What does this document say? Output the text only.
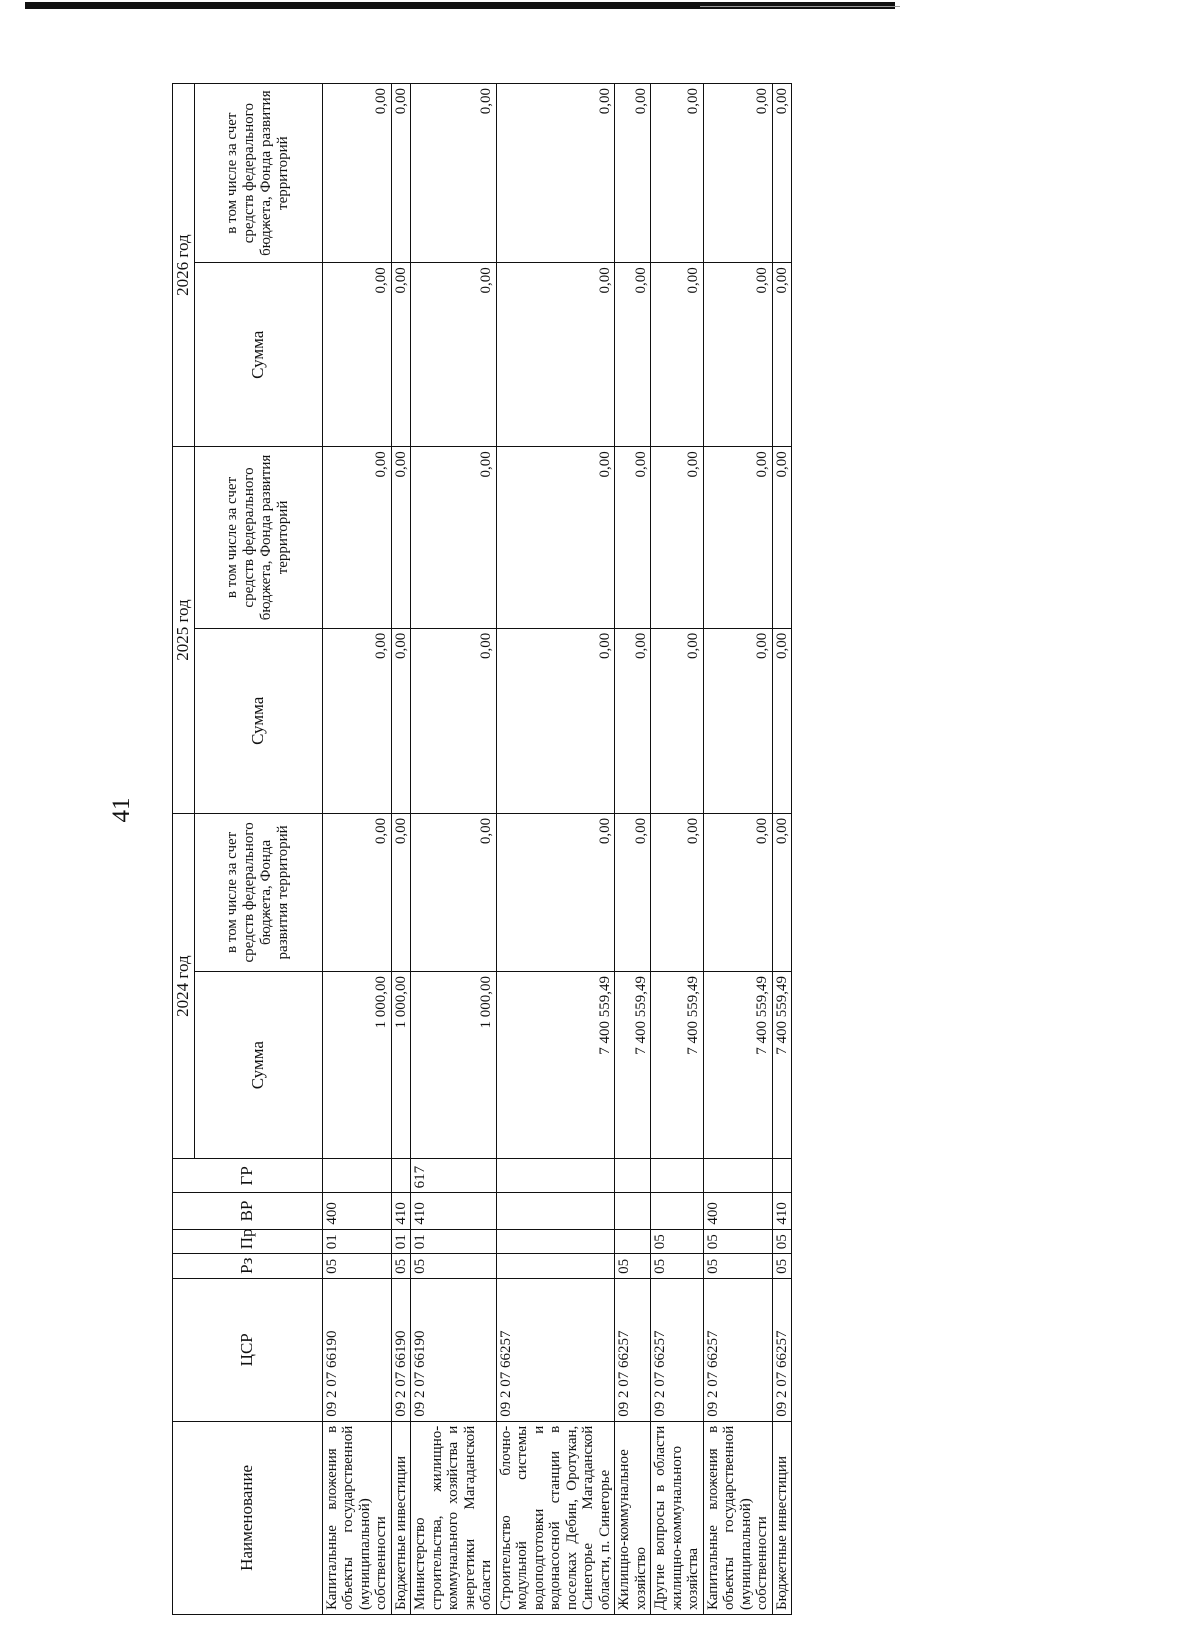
41
Наименование	ЦСР	Рз	Пр	ВР	ГР	2024 год		2025 год		2026 год	
						Сумма	в том числе за счет средств федерального бюджета, Фонда развития территорий	Сумма	в том числе за счет средств федерального бюджета, Фонда развития территорий	Сумма	в том числе за счет средств федерального бюджета, Фонда развития территорий
Капитальные вложения в объекты государственной (муниципальной) собственности	09 2 07 66190	05	01	400		1 000,00	0,00	0,00	0,00	0,00	0,00
Бюджетные инвестиции	09 2 07 66190	05	01	410		1 000,00	0,00	0,00	0,00	0,00	0,00
Министерство строительства, жилищно-коммунального хозяйства и энергетики Магаданской области	09 2 07 66190	05	01	410	617	1 000,00	0,00	0,00	0,00	0,00	0,00
Строительство блочно-модульной системы водоподготовки и водонасосной станции в поселках Дебин, Оротукан, Синегорье Магаданской области, п. Синегорье	09 2 07 66257					7 400 559,49	0,00	0,00	0,00	0,00	0,00
Жилищно-коммунальное хозяйство	09 2 07 66257	05				7 400 559,49	0,00	0,00	0,00	0,00	0,00
Другие вопросы в области жилищно-коммунального хозяйства	09 2 07 66257	05	05			7 400 559,49	0,00	0,00	0,00	0,00	0,00
Капитальные вложения в объекты государственной (муниципальной) собственности	09 2 07 66257	05	05	400		7 400 559,49	0,00	0,00	0,00	0,00	0,00
Бюджетные инвестиции	09 2 07 66257	05	05	410		7 400 559,49	0,00	0,00	0,00	0,00	0,00
